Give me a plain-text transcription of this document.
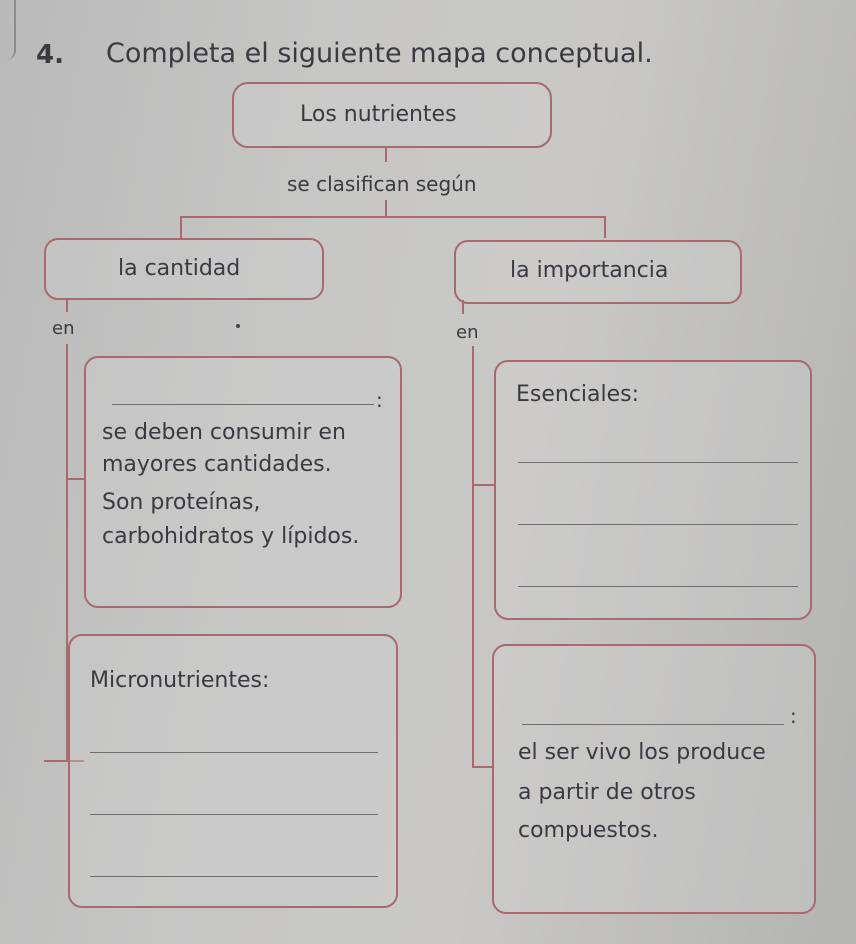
4. Completa el siguiente mapa conceptual.
Los nutrientes
se clasifican según
la cantidad	la importancia
en	en
:
se deben consumir en
mayores cantidades.
Son proteínas,
carbohidratos y lípidos.
Esenciales:
Micronutrientes:
:
el ser vivo los produce
a partir de otros
compuestos.
